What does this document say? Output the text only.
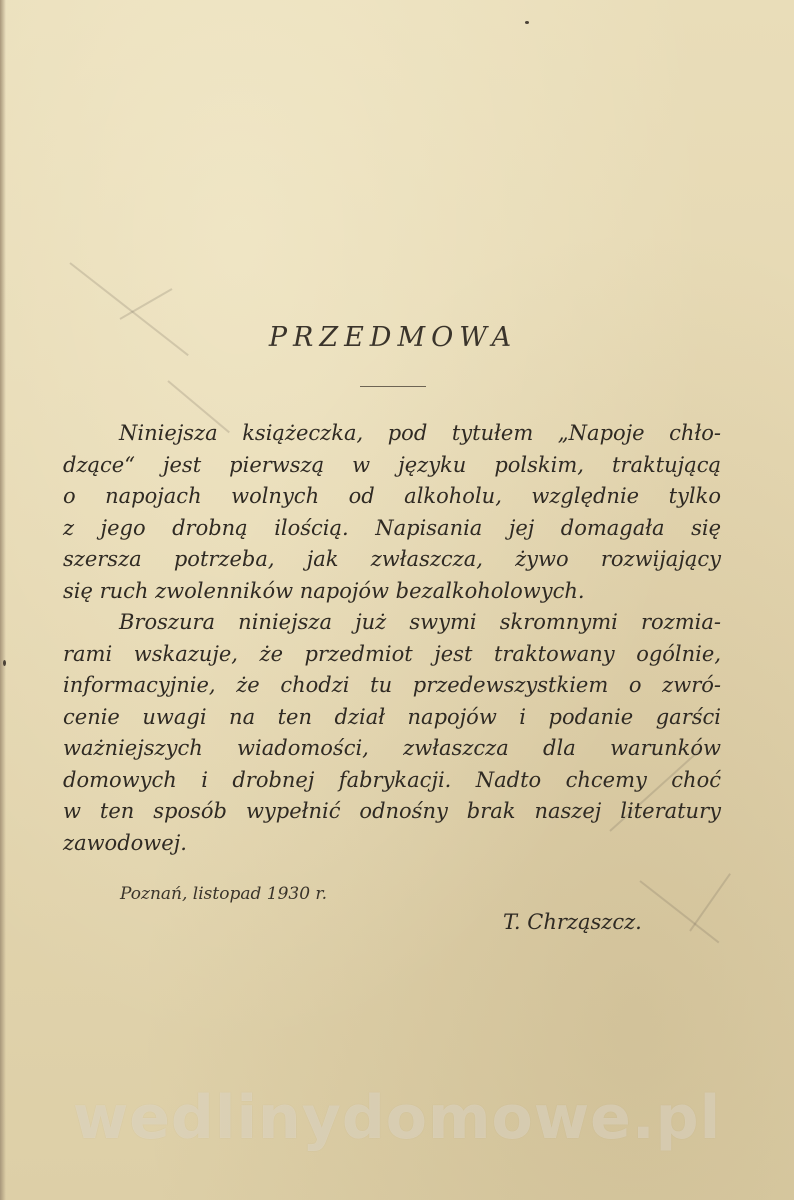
PRZEDMOWA
Niniejsza książeczka, pod tytułem „Napoje chło-
dzące“ jest pierwszą w języku polskim, traktującą
o napojach wolnych od alkoholu, względnie tylko
z jego drobną ilością. Napisania jej domagała się
szersza potrzeba, jak zwłaszcza, żywo rozwijający
się ruch zwolenników napojów bezalkoholowych.
Broszura niniejsza już swymi skromnymi rozmia-
rami wskazuje, że przedmiot jest traktowany ogólnie,
informacyjnie, że chodzi tu przedewszystkiem o zwró-
cenie uwagi na ten dział napojów i podanie garści
ważniejszych wiadomości, zwłaszcza dla warunków
domowych i drobnej fabrykacji. Nadto chcemy choć
w ten sposób wypełnić odnośny brak naszej literatury
zawodowej.
Poznań, listopad 1930 r.
T. Chrząszcz.
wedlinydomowe.pl
